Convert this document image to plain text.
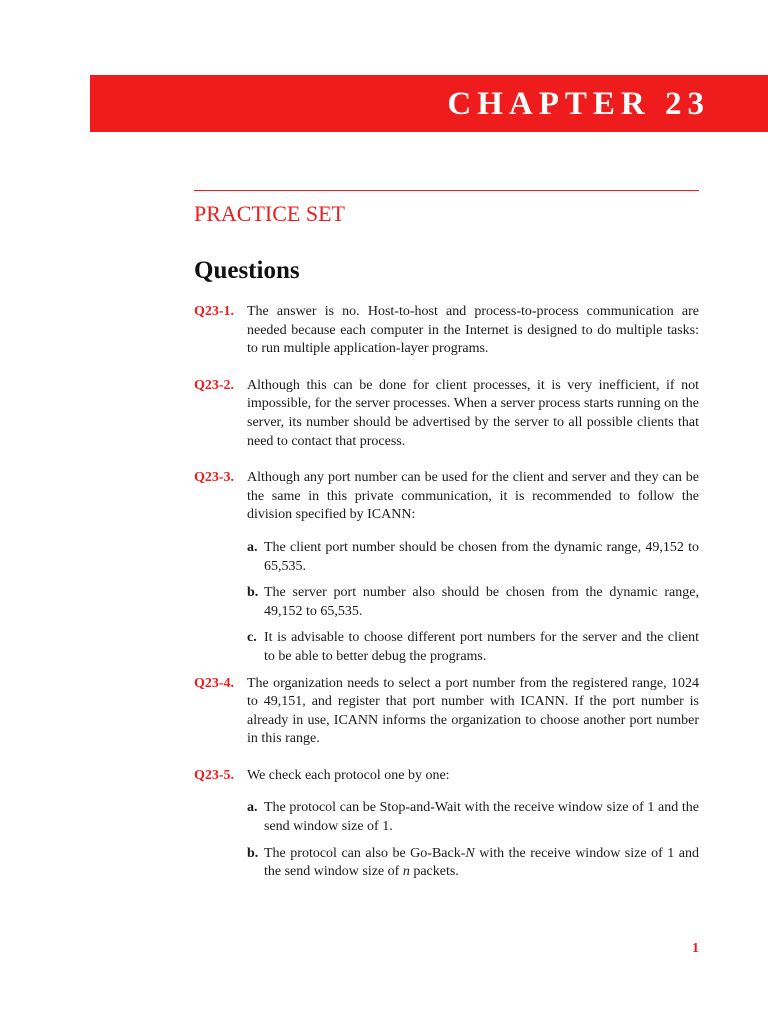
CHAPTER 23
PRACTICE SET
Questions
Q23-1. The answer is no. Host-to-host and process-to-process communication are needed because each computer in the Internet is designed to do multiple tasks: to run multiple application-layer programs.
Q23-2. Although this can be done for client processes, it is very inefficient, if not impossible, for the server processes. When a server process starts running on the server, its number should be advertised by the server to all possible clients that need to contact that process.
Q23-3. Although any port number can be used for the client and server and they can be the same in this private communication, it is recommended to follow the division specified by ICANN:
a. The client port number should be chosen from the dynamic range, 49,152 to 65,535.
b. The server port number also should be chosen from the dynamic range, 49,152 to 65,535.
c. It is advisable to choose different port numbers for the server and the client to be able to better debug the programs.
Q23-4. The organization needs to select a port number from the registered range, 1024 to 49,151, and register that port number with ICANN. If the port number is already in use, ICANN informs the organization to choose another port number in this range.
Q23-5. We check each protocol one by one:
a. The protocol can be Stop-and-Wait with the receive window size of 1 and the send window size of 1.
b. The protocol can also be Go-Back-N with the receive window size of 1 and the send window size of n packets.
1
